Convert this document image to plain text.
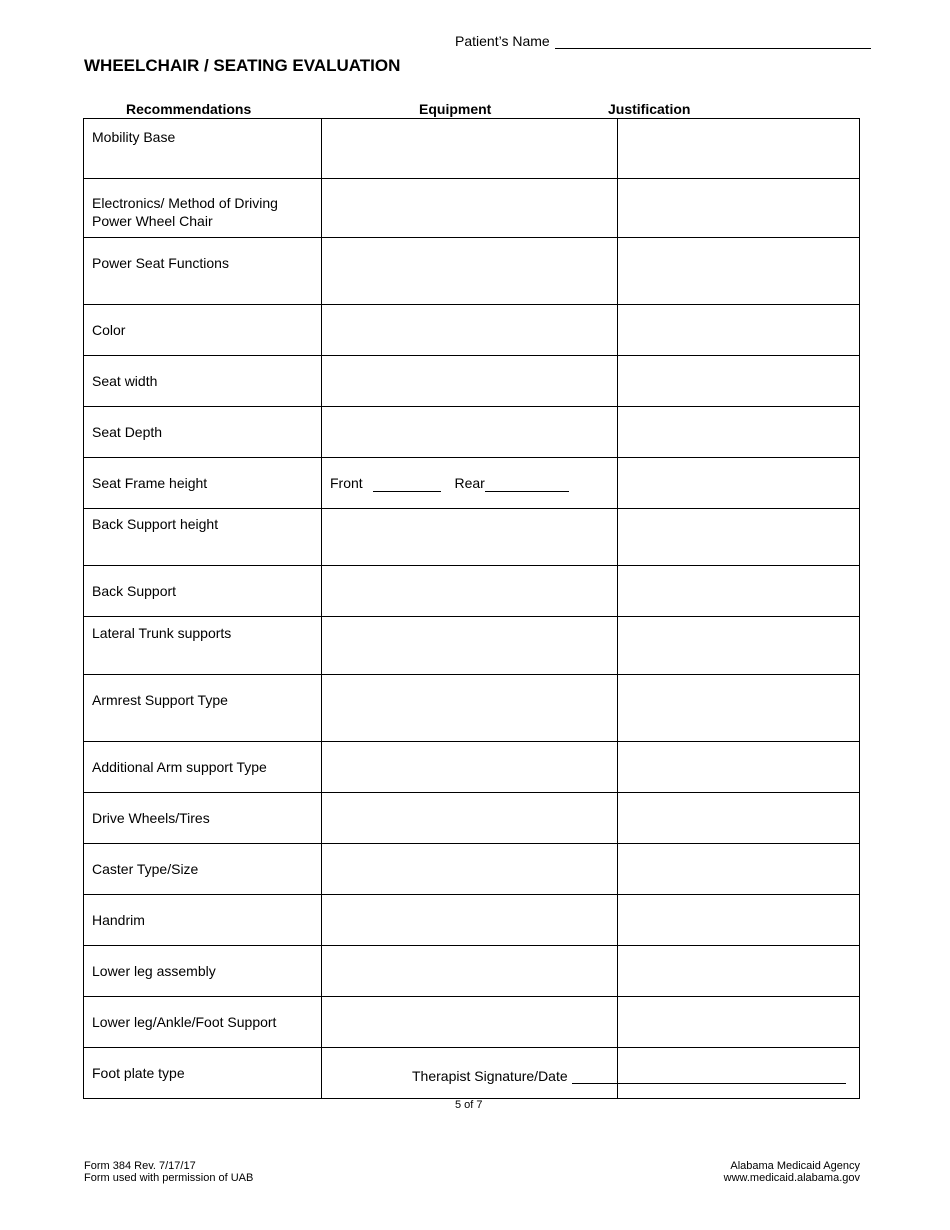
Patient’s Name
WHEELCHAIR / SEATING EVALUATION
Recommendations	Equipment	Justification
Mobility Base		
Electronics/ Method of Driving Power Wheel Chair		
Power Seat Functions		
Color		
Seat width		
Seat Depth		
Seat Frame height	Front Rear	
Back Support height		
Back Support		
Lateral Trunk supports		
Armrest Support Type		
Additional Arm support Type		
Drive Wheels/Tires		
Caster Type/Size		
Handrim		
Lower leg assembly		
Lower leg/Ankle/Foot Support		
Foot plate type			Therapist Signature/Date
5 of 7
Form 384 Rev. 7/17/17
Form used with permission of UAB
Alabama Medicaid Agency
www.medicaid.alabama.gov
